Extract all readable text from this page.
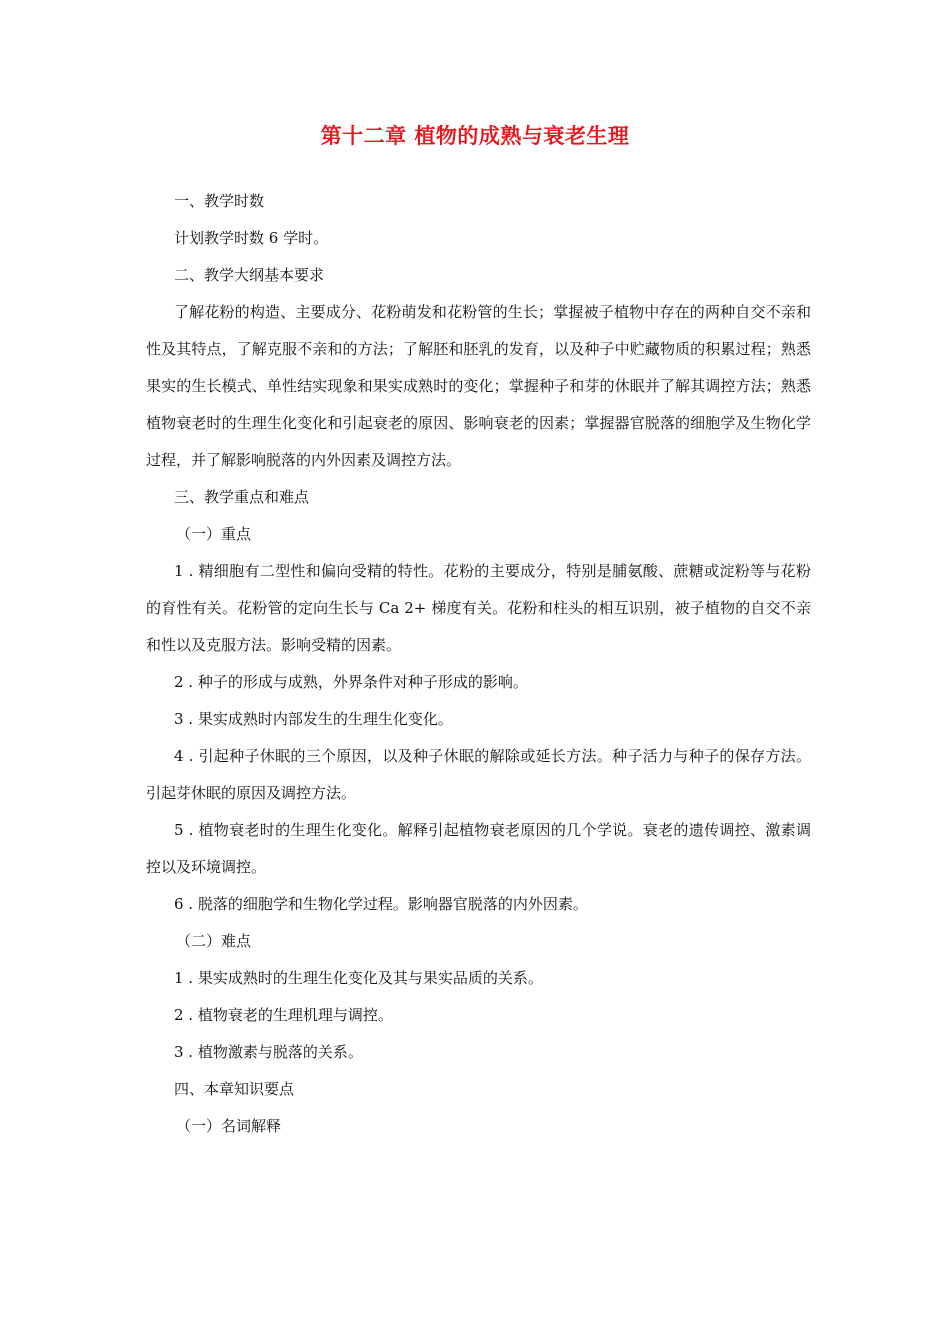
第十二章 植物的成熟与衰老生理
一、教学时数
计划教学时数 6 学时。
二、教学大纲基本要求
了解花粉的构造、主要成分、花粉萌发和花粉管的生长；掌握被子植物中存在的两种自交不亲和性及其特点，了解克服不亲和的方法；了解胚和胚乳的发育，以及种子中贮藏物质的积累过程；熟悉果实的生长模式、单性结实现象和果实成熟时的变化；掌握种子和芽的休眠并了解其调控方法；熟悉植物衰老时的生理生化变化和引起衰老的原因、影响衰老的因素；掌握器官脱落的细胞学及生物化学过程，并了解影响脱落的内外因素及调控方法。
三、教学重点和难点
（一）重点
1 . 精细胞有二型性和偏向受精的特性。花粉的主要成分，特别是脯氨酸、蔗糖或淀粉等与花粉的育性有关。花粉管的定向生长与 Ca 2+ 梯度有关。花粉和柱头的相互识别，被子植物的自交不亲和性以及克服方法。影响受精的因素。
2 . 种子的形成与成熟，外界条件对种子形成的影响。
3 . 果实成熟时内部发生的生理生化变化。
4 . 引起种子休眠的三个原因，以及种子休眠的解除或延长方法。种子活力与种子的保存方法。引起芽休眠的原因及调控方法。
5 . 植物衰老时的生理生化变化。解释引起植物衰老原因的几个学说。衰老的遗传调控、激素调控以及环境调控。
6 . 脱落的细胞学和生物化学过程。影响器官脱落的内外因素。
（二）难点
1 . 果实成熟时的生理生化变化及其与果实品质的关系。
2 . 植物衰老的生理机理与调控。
3 . 植物激素与脱落的关系。
四、本章知识要点
（一）名词解释
